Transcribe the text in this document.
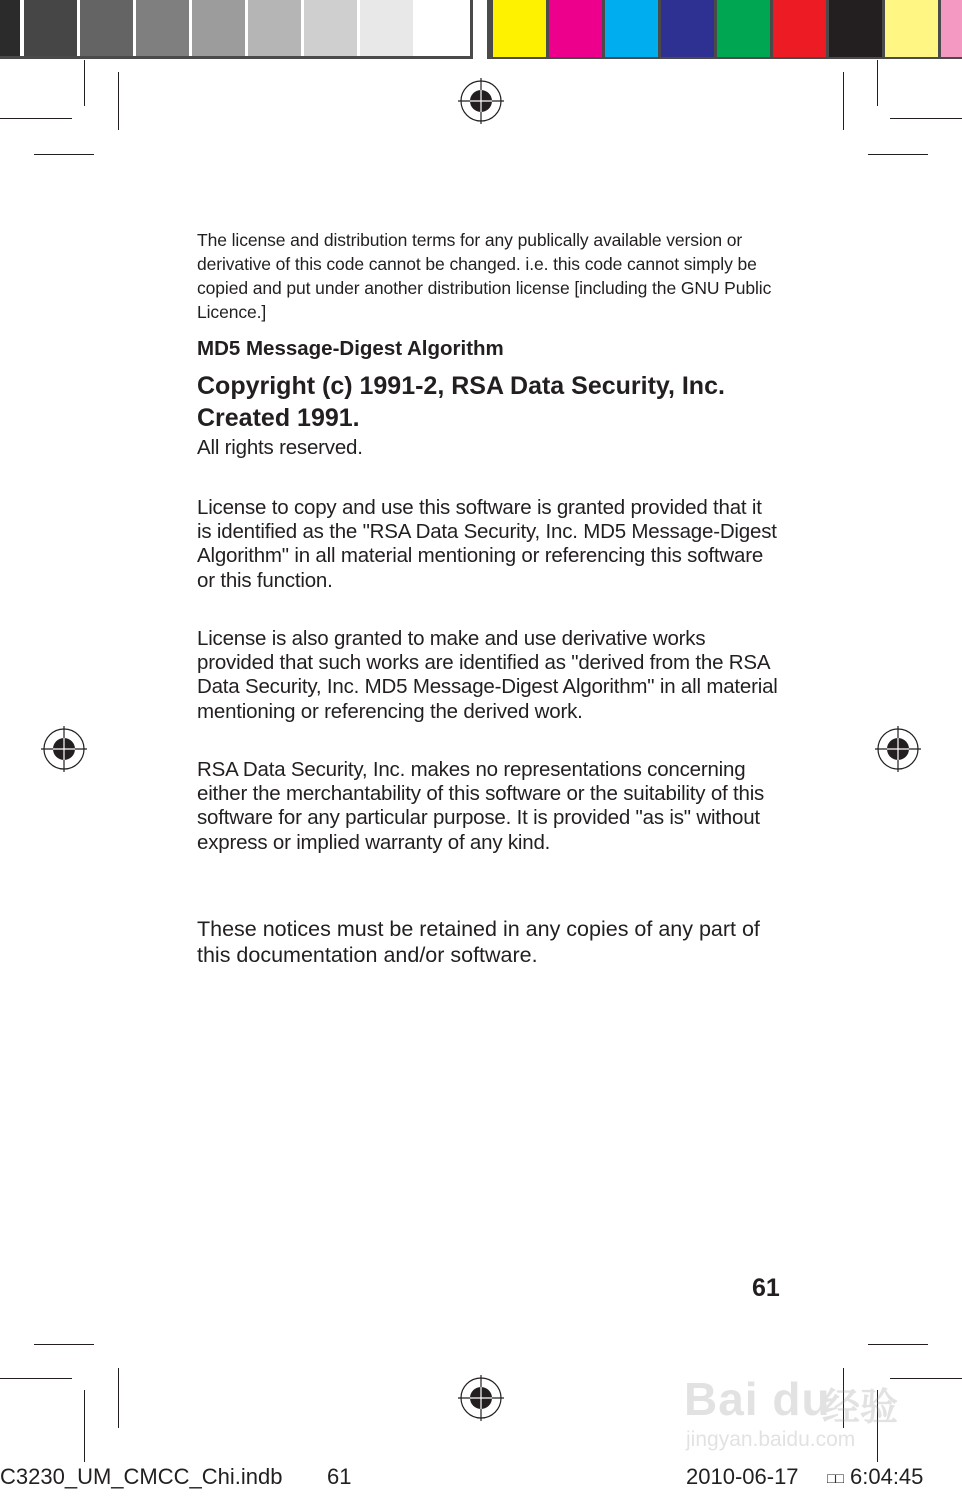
The license and distribution terms for any publically available version or derivative of this code cannot be changed. i.e. this code cannot simply be copied and put under another distribution license [including the GNU Public Licence.]
MD5 Message-Digest Algorithm
Copyright (c) 1991-2, RSA Data Security, Inc.
Created 1991.
All rights reserved.
License to copy and use this software is granted provided that it is identified as the "RSA Data Security, Inc. MD5 Message-Digest Algorithm" in all material mentioning or referencing this software or this function.
License is also granted to make and use derivative works provided that such works are identified as "derived from the RSA Data Security, Inc. MD5 Message-Digest Algorithm" in all material mentioning or referencing the derived work.
RSA Data Security, Inc. makes no representations concerning either the merchantability of this software or the suitability of this software for any particular purpose. It is provided "as is" without express or implied warranty of any kind.
These notices must be retained in any copies of any part of this documentation and/or software.
61
Bai du
经验
jingyan.baidu.com
C3230_UM_CMCC_Chi.indb 61	2010-06-17 □□ 6:04:45
